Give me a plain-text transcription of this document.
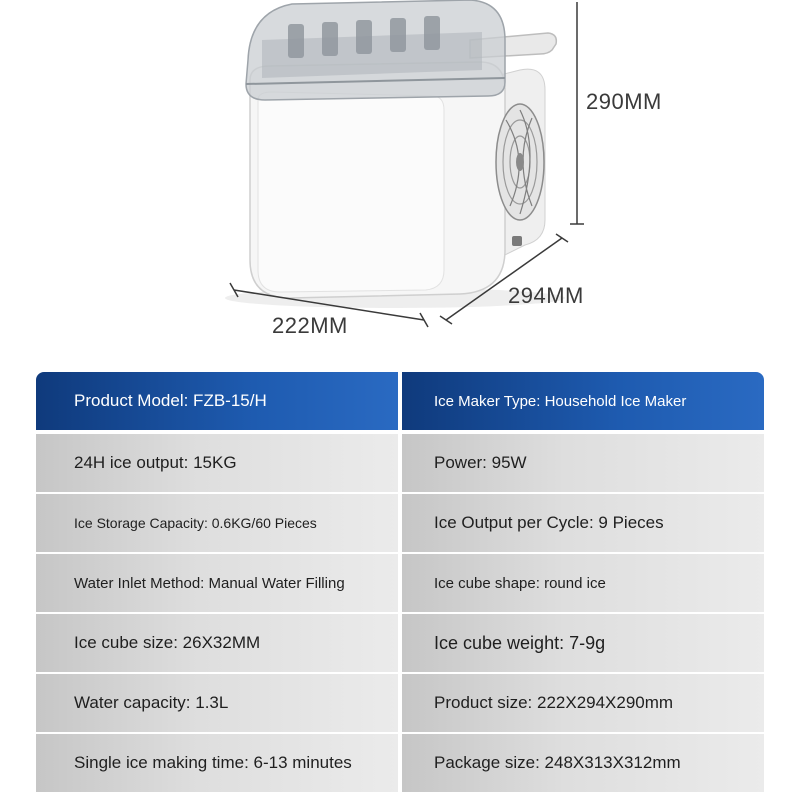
290MM
294MM
222MM
Product Model: FZB-15/H	Ice Maker Type: Household Ice Maker
24H ice output: 15KG	Power: 95W
Ice Storage Capacity: 0.6KG/60 Pieces	Ice Output per Cycle: 9 Pieces
Water Inlet Method: Manual Water Filling	Ice cube shape: round ice
Ice cube size: 26X32MM	Ice cube weight: 7-9g
Water capacity: 1.3L	Product size: 222X294X290mm
Single ice making time: 6-13 minutes	Package size: 248X313X312mm
